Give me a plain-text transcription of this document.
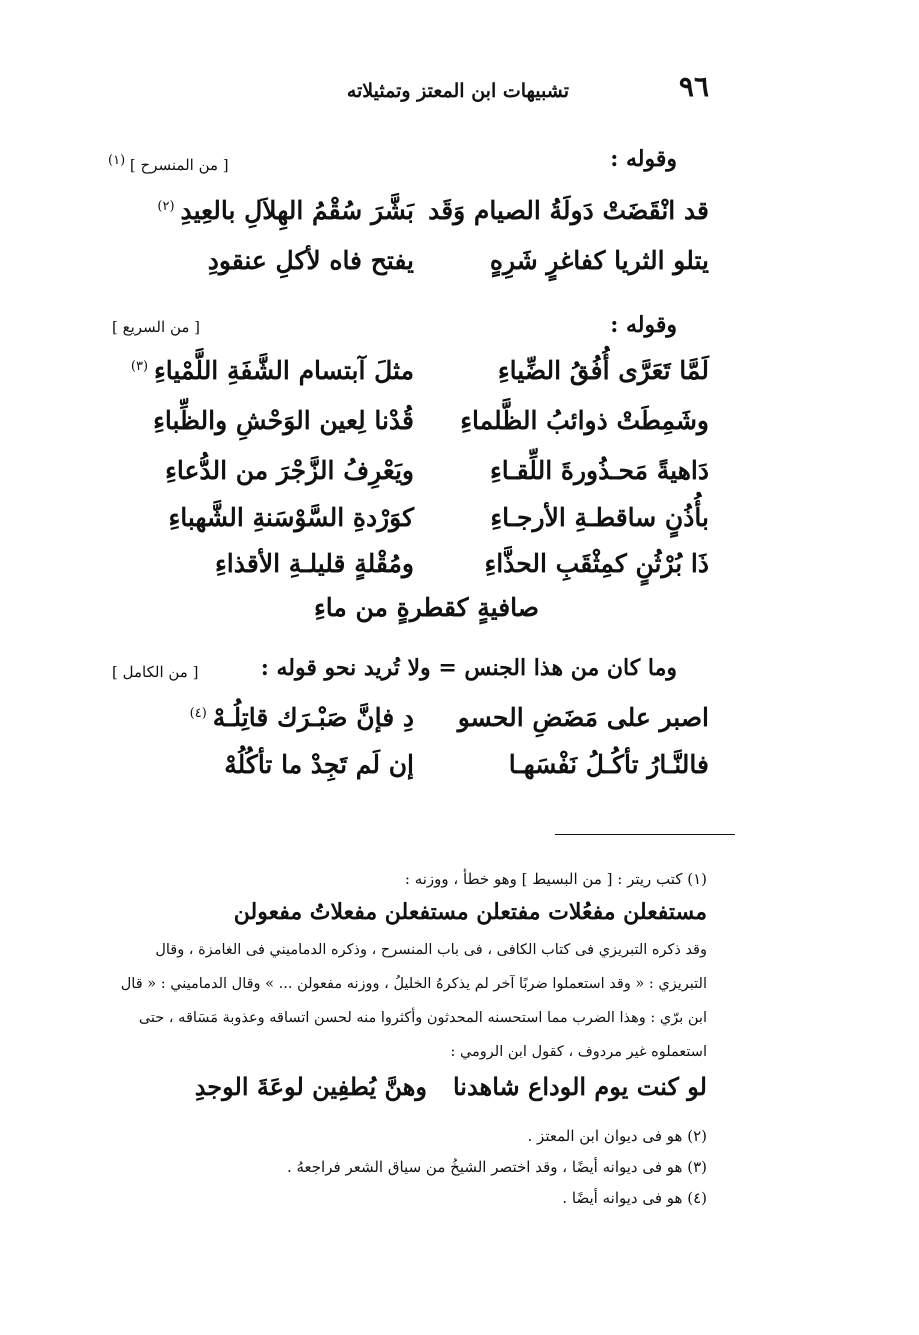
٩٦
تشبيهات ابن المعتز وتمثيلاته
وقوله :
[ من المنسرح ] (١)
قد انْقَضَتْ دَولَةُ الصيام وَقَد
بَشَّرَ سُقْمُ الهِلاَلِ بالعِيدِ$^{(٢)}$
يتلو الثريا كفاغرٍ شَرِهٍ
يفتح فاه لأكلِ عنقودِ
وقوله :
[ من السريع ]
لَمَّا تَعَرَّى أُفُقُ الضِّياءِ
مثلَ آبتسام الشَّفَةِ اللَّمْياءِ$^{(٣)}$
وشَمِطَتْ ذوائبُ الظَّلماءِ
قُدْنا لِعين الوَحْشِ والظِّباءِ
دَاهيةً مَحـذُورةَ اللِّقـاءِ
ويَعْرِفُ الزَّجْرَ من الدُّعاءِ
بأُذُنٍ ساقطـةِ الأرجـاءِ
كوَرْدةِ السَّوْسَنةِ الشَّهباءِ
ذَا بُرْثُنٍ كمِثْقَبِ الحذَّاءِ
ومُقْلةٍ قليلـةِ الأقذاءِ
صافيةٍ كقطرةٍ من ماءِ
وما كان من هذا الجنس = ولا تُريد نحو قوله :
[ من الكامل ]
اصبر على مَضَضِ الحسو
دِ فإنَّ صَبْـرَك قاتِلُـهْ$^{(٤)}$
فالنَّـارُ تأكُـلُ نَفْسَهـا
إن لَم تَجِدْ ما تأكُلُهْ
(١) كتب ريتر : [ من البسيط ] وهو خطأ ، ووزنه :
مستفعلن مفعُلات مفتعلن مستفعلن مفعلاتُ مفعولن
وقد ذكره التبريزي فى كتاب الكافى ، فى باب المنسرح ، وذكره الدماميني فى الغامزة ، وقال
التبريزي : « وقد استعملوا ضربًا آخر لم يذكرهُ الخليلُ ، ووزنه مفعولن ... » وقال الدماميني : « قال
ابن برّي : وهذا الضرب مما استحسنه المحدثون وأكثروا منه لحسن اتساقه وعذوبة مَسَاقه ، حتى
استعملوه غير مردوف ، كقول ابن الرومي :
لو كنت يوم الوداع شاهدنا
وهنَّ يُطفِين لوعَةَ الوجدِ
(٢) هو فى ديوان ابن المعتز .
(٣) هو فى ديوانه أيضًا ، وقد اختصر الشيخُ من سياق الشعر فراجعهُ .
(٤) هو فى ديوانه أيضًا .
